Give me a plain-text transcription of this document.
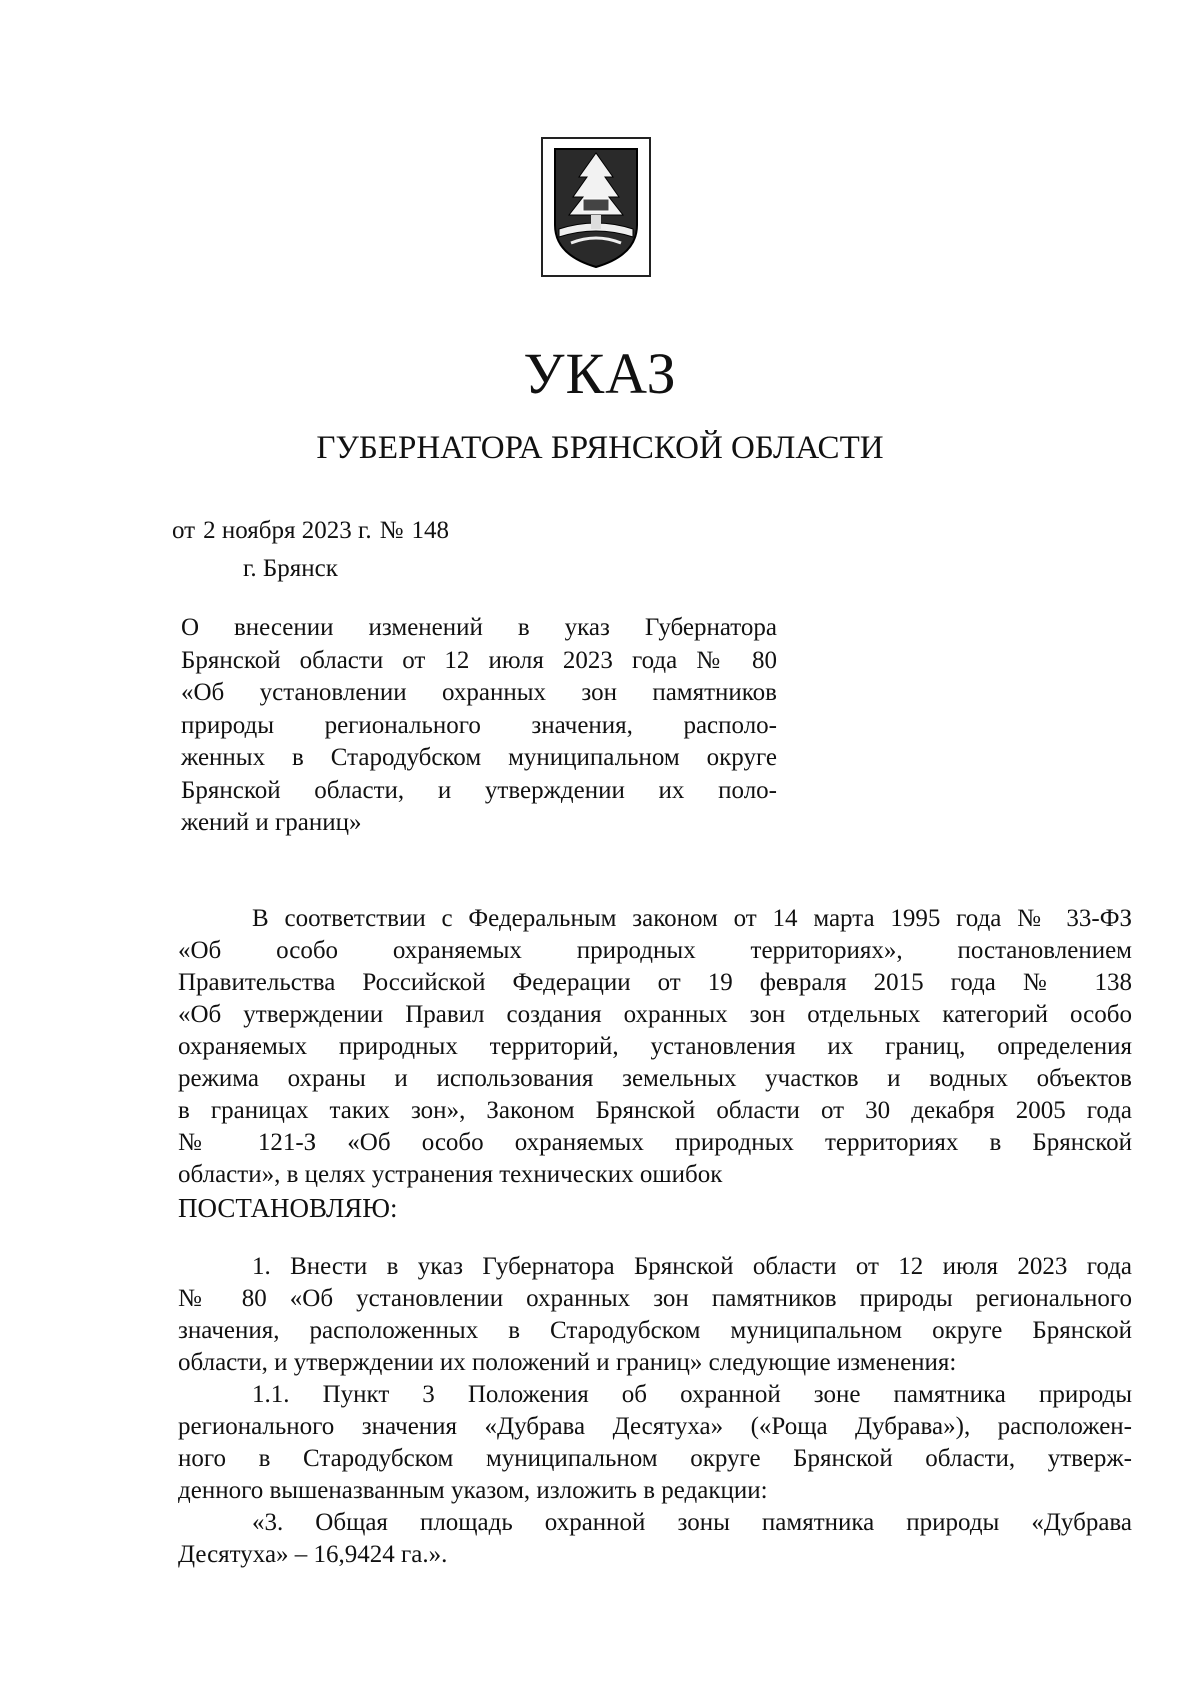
УКАЗ
ГУБЕРНАТОРА БРЯНСКОЙ ОБЛАСТИ
от 2 ноября 2023 г. № 148
г. Брянск

О внесении изменений в указ Губернатора

Брянской области от 12 июля 2023 года № 80

«Об установлении охранных зон памятников

природы регионального значения, располо-

женных в Стародубском муниципальном округе

Брянской области, и утверждении их поло-

жений и границ»

В соответствии с Федеральным законом от 14 марта 1995 года № 33-ФЗ

«Об особо охраняемых природных территориях», постановлением

Правительства Российской Федерации от 19 февраля 2015 года № 138

«Об утверждении Правил создания охранных зон отдельных категорий особо

охраняемых природных территорий, установления их границ, определения

режима охраны и использования земельных участков и водных объектов

в границах таких зон», Законом Брянской области от 30 декабря 2005 года

№ 121-З «Об особо охраняемых природных территориях в Брянской

области», в целях устранения технических ошибок

ПОСТАНОВЛЯЮ:

1. Внести в указ Губернатора Брянской области от 12 июля 2023 года

№ 80 «Об установлении охранных зон памятников природы регионального

значения, расположенных в Стародубском муниципальном округе Брянской

области, и утверждении их положений и границ» следующие изменения:

1.1. Пункт 3 Положения об охранной зоне памятника природы

регионального значения «Дубрава Десятуха» («Роща Дубрава»), расположен-

ного в Стародубском муниципальном округе Брянской области, утверж-

денного вышеназванным указом, изложить в редакции:

«3. Общая площадь охранной зоны памятника природы «Дубрава

Десятуха» – 16,9424 га.».
